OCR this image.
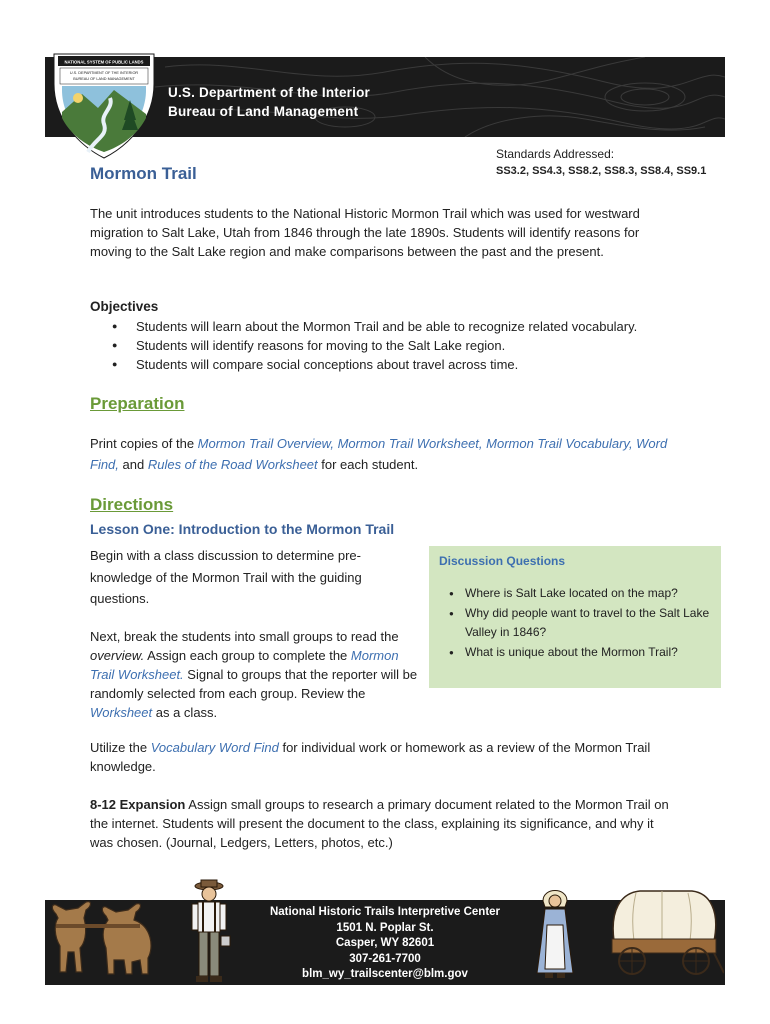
NATIONAL SYSTEM OF PUBLIC LANDS
U.S. DEPARTMENT OF THE INTERIOR
BUREAU OF LAND MANAGEMENT
U.S. Department of the Interior
Bureau of Land Management
Standards Addressed:
SS3.2, SS4.3, SS8.2, SS8.3, SS8.4, SS9.1
Mormon Trail
The unit introduces students to the National Historic Mormon Trail which was used for westward migration to Salt Lake, Utah from 1846 through the late 1890s. Students will identify reasons for moving to the Salt Lake region and make comparisons between the past and the present.
Objectives
● Students will learn about the Mormon Trail and be able to recognize related vocabulary.
● Students will identify reasons for moving to the Salt Lake region.
● Students will compare social conceptions about travel across time.
Preparation
Print copies of the Mormon Trail Overview, Mormon Trail Worksheet, Mormon Trail Vocabulary, Word Find, and Rules of the Road Worksheet for each student.
Directions
Lesson One: Introduction to the Mormon Trail
Begin with a class discussion to determine pre-knowledge of the Mormon Trail with the guiding questions.
Next, break the students into small groups to read the overview. Assign each group to complete the Mormon Trail Worksheet. Signal to groups that the reporter will be randomly selected from each group. Review the Worksheet as a class.
Discussion Questions
● Where is Salt Lake located on the map?
● Why did people want to travel to the Salt Lake Valley in 1846?
● What is unique about the Mormon Trail?
Utilize the Vocabulary Word Find for individual work or homework as a review of the Mormon Trail knowledge.
8-12 Expansion Assign small groups to research a primary document related to the Mormon Trail on the internet. Students will present the document to the class, explaining its significance, and why it was chosen. (Journal, Ledgers, Letters, photos, etc.)
National Historic Trails Interpretive Center
1501 N. Poplar St.
Casper, WY 82601
307-261-7700
blm_wy_trailscenter@blm.gov
